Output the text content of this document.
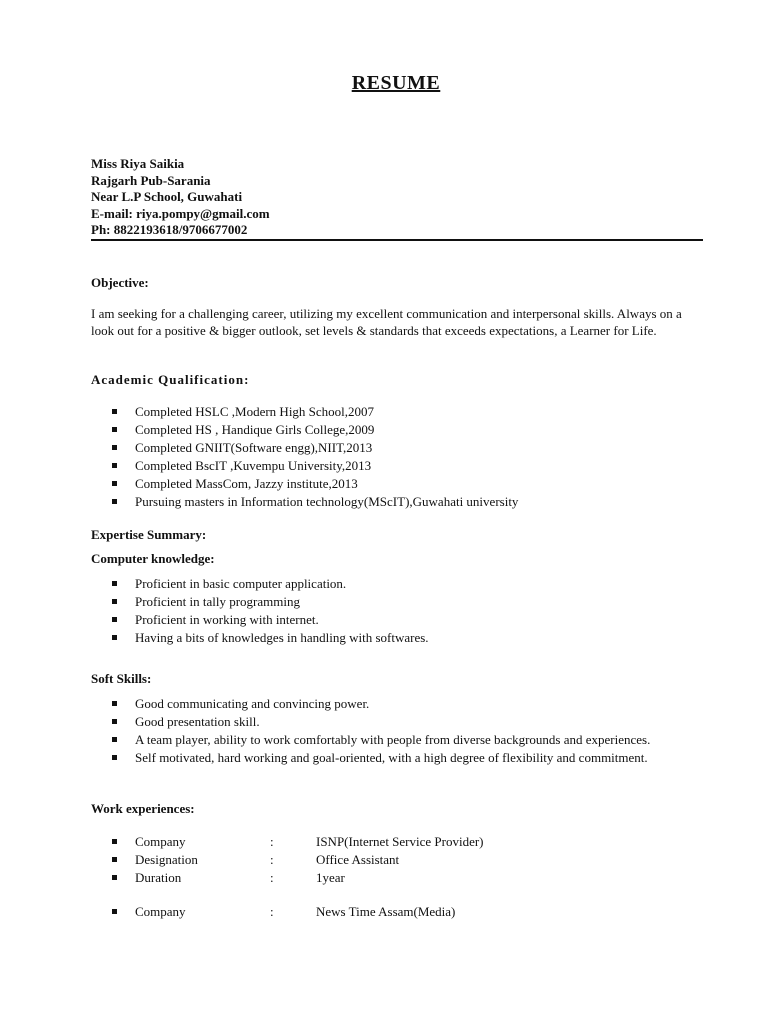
RESUME
Miss Riya Saikia
Rajgarh Pub-Sarania
Near L.P School, Guwahati
E-mail: riya.pompy@gmail.com
Ph: 8822193618/9706677002
Objective:
I am seeking for a challenging career, utilizing my excellent communication and interpersonal skills. Always on a look out for a positive & bigger outlook, set levels & standards that exceeds expectations, a Learner for Life.
Academic Qualification:
Completed HSLC ,Modern High School,2007
Completed HS , Handique Girls College,2009
Completed GNIIT(Software engg),NIIT,2013
Completed BscIT ,Kuvempu University,2013
Completed MassCom, Jazzy institute,2013
Pursuing masters in Information technology(MScIT),Guwahati university
Expertise Summary:
Computer knowledge:
Proficient in basic computer application.
Proficient in tally programming
Proficient in working with internet.
Having a bits of knowledges in handling with softwares.
Soft Skills:
Good communicating and convincing power.
Good presentation skill.
A team player, ability to work comfortably with people from diverse backgrounds and experiences.
Self motivated, hard working and goal-oriented, with a high degree of flexibility and commitment.
Work experiences:
Company	:	ISNP(Internet Service Provider)
Designation	:	Office Assistant
Duration	:	1year
Company	:	News Time Assam(Media)
